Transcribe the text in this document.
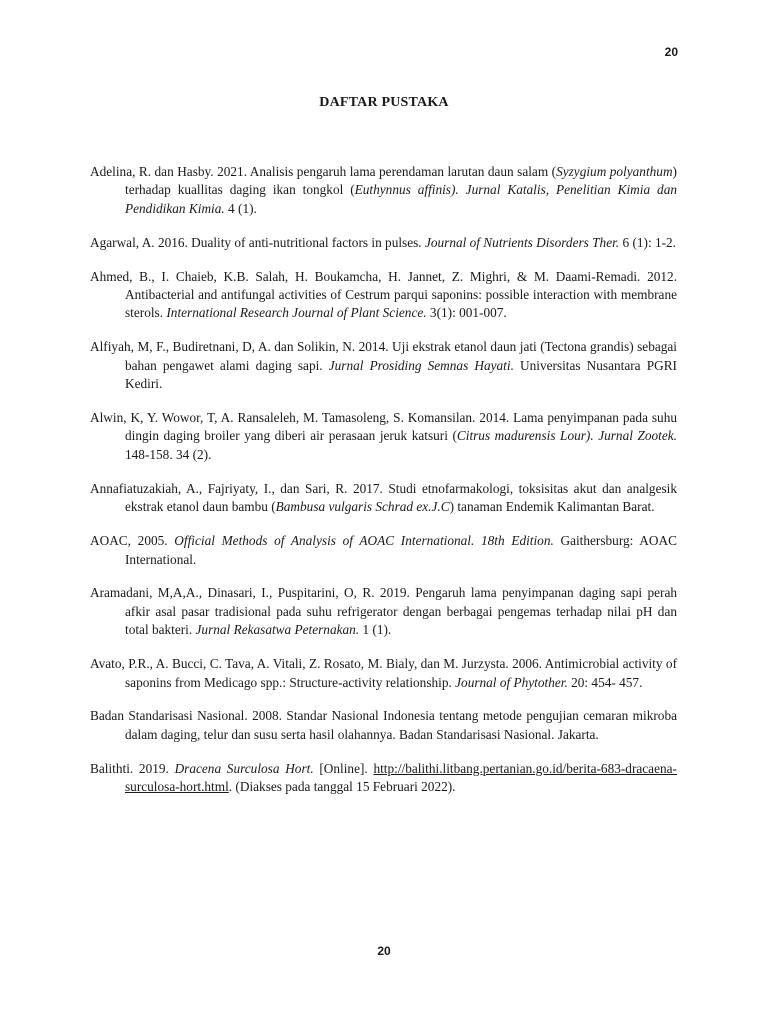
20
DAFTAR PUSTAKA

Adelina, R. dan Hasby. 2021. Analisis pengaruh lama perendaman larutan daun salam (Syzygium polyanthum) terhadap kuallitas daging ikan tongkol (Euthynnus affinis). Jurnal Katalis, Penelitian Kimia dan Pendidikan Kimia. 4 (1).

Agarwal, A. 2016. Duality of anti-nutritional factors in pulses. Journal of Nutrients Disorders Ther. 6 (1): 1-2.

Ahmed, B., I. Chaieb, K.B. Salah, H. Boukamcha, H. Jannet, Z. Mighri, & M. Daami-Remadi. 2012. Antibacterial and antifungal activities of Cestrum parqui saponins: possible interaction with membrane sterols. International Research Journal of Plant Science. 3(1): 001-007.

Alfiyah, M, F., Budiretnani, D, A. dan Solikin, N. 2014. Uji ekstrak etanol daun jati (Tectona grandis) sebagai bahan pengawet alami daging sapi. Jurnal Prosiding Semnas Hayati. Universitas Nusantara PGRI Kediri.

Alwin, K, Y. Wowor, T, A. Ransaleleh, M. Tamasoleng, S. Komansilan. 2014. Lama penyimpanan pada suhu dingin daging broiler yang diberi air perasaan jeruk katsuri (Citrus madurensis Lour). Jurnal Zootek. 148-158. 34 (2).

Annafiatuzakiah, A., Fajriyaty, I., dan Sari, R. 2017. Studi etnofarmakologi, toksisitas akut dan analgesik ekstrak etanol daun bambu (Bambusa vulgaris Schrad ex.J.C) tanaman Endemik Kalimantan Barat.

AOAC, 2005. Official Methods of Analysis of AOAC International. 18th Edition. Gaithersburg: AOAC International.

Aramadani, M,A,A., Dinasari, I., Puspitarini, O, R. 2019. Pengaruh lama penyimpanan daging sapi perah afkir asal pasar tradisional pada suhu refrigerator dengan berbagai pengemas terhadap nilai pH dan total bakteri. Jurnal Rekasatwa Peternakan. 1 (1).

Avato, P.R., A. Bucci, C. Tava, A. Vitali, Z. Rosato, M. Bialy, dan M. Jurzysta. 2006. Antimicrobial activity of saponins from Medicago spp.: Structure-activity relationship. Journal of Phytother. 20: 454- 457.

Badan Standarisasi Nasional. 2008. Standar Nasional Indonesia tentang metode pengujian cemaran mikroba dalam daging, telur dan susu serta hasil olahannya. Badan Standarisasi Nasional. Jakarta.

Balithti. 2019. Dracena Surculosa Hort. [Online]. http://balithi.litbang.pertanian.go.id/berita-683-dracaena-surculosa-hort.html. (Diakses pada tanggal 15 Februari 2022).

20
